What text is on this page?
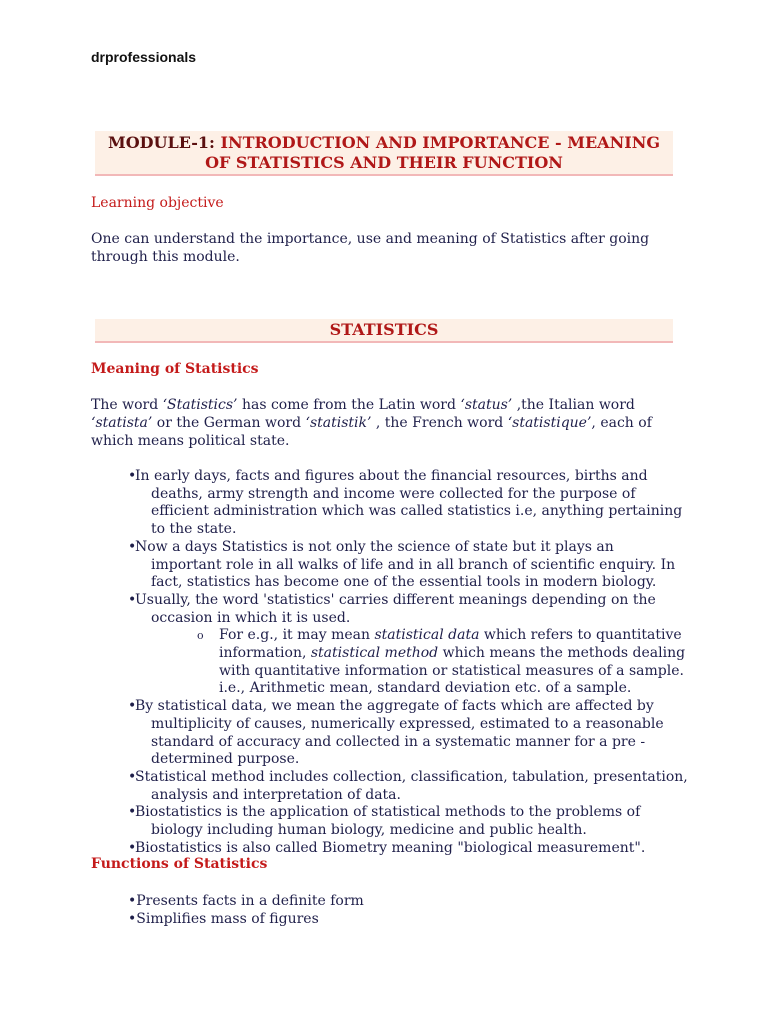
drprofessionals
MODULE-1: INTRODUCTION AND IMPORTANCE - MEANING OF STATISTICS AND THEIR FUNCTION
Learning objective
One can understand the importance, use and meaning of Statistics after going through this module.
STATISTICS
Meaning of Statistics
The word ‘Statistics’ has come from the Latin word ‘status’ ,the Italian word ‘statista’ or the German word ‘statistik’ , the French word ‘statistique’, each of which means political state.
•In early days, facts and figures about the financial resources, births and deaths, army strength and income were collected for the purpose of efficient administration which was called statistics i.e, anything pertaining to the state.
•Now a days Statistics is not only the science of state but it plays an important role in all walks of life and in all branch of scientific enquiry. In fact, statistics has become one of the essential tools in modern biology.
•Usually, the word 'statistics' carries different meanings depending on the occasion in which it is used.
o For e.g., it may mean statistical data which refers to quantitative information, statistical method which means the methods dealing with quantitative information or statistical measures of a sample. i.e., Arithmetic mean, standard deviation etc. of a sample.
•By statistical data, we mean the aggregate of facts which are affected by multiplicity of causes, numerically expressed, estimated to a reasonable standard of accuracy and collected in a systematic manner for a pre - determined purpose.
•Statistical method includes collection, classification, tabulation, presentation, analysis and interpretation of data.
•Biostatistics is the application of statistical methods to the problems of biology including human biology, medicine and public health.
•Biostatistics is also called Biometry meaning "biological measurement".
Functions of Statistics
•Presents facts in a definite form
•Simplifies mass of figures
